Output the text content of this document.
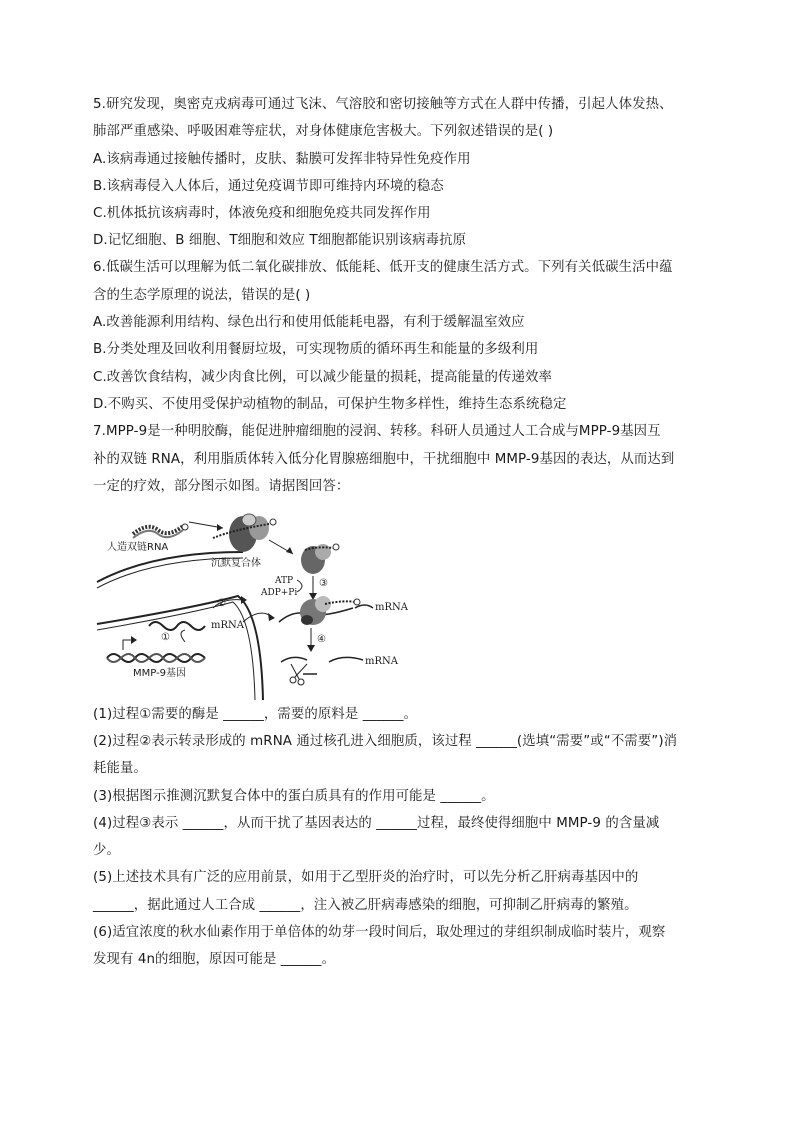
5.研究发现，奥密克戎病毒可通过飞沫、气溶胶和密切接触等方式在人群中传播，引起人体发热、
肺部严重感染、呼吸困难等症状，对身体健康危害极大。下列叙述错误的是( )
A.该病毒通过接触传播时，皮肤、黏膜可发挥非特异性免疫作用
B.该病毒侵入人体后，通过免疫调节即可维持内环境的稳态
C.机体抵抗该病毒时，体液免疫和细胞免疫共同发挥作用
D.记忆细胞、B 细胞、T细胞和效应 T细胞都能识别该病毒抗原
6.低碳生活可以理解为低二氧化碳排放、低能耗、低开支的健康生活方式。下列有关低碳生活中蕴
含的生态学原理的说法，错误的是( )
A.改善能源利用结构、绿色出行和使用低能耗电器，有利于缓解温室效应
B.分类处理及回收利用餐厨垃圾，可实现物质的循环再生和能量的多级利用
C.改善饮食结构，减少肉食比例，可以减少能量的损耗，提高能量的传递效率
D.不购买、不使用受保护动植物的制品，可保护生物多样性，维持生态系统稳定
7.MPP-9是一种明胶酶，能促进肿瘤细胞的浸润、转移。科研人员通过人工合成与MPP-9基因互
补的双链 RNA，利用脂质体转入低分化胃腺癌细胞中，干扰细胞中 MMP-9基因的表达，从而达到
一定的疗效，部分图示如图。请据图回答：
人造双链RNA
沉默复合体
③
ATP
ADP+Pi
mRNA
④
mRNA
MMP-9基因
mRNA
①
②
(1)过程①需要的酶是 ______，需要的原料是 ______。
(2)过程②表示转录形成的 mRNA 通过核孔进入细胞质，该过程 ______(选填“需要”或“不需要”)消
耗能量。
(3)根据图示推测沉默复合体中的蛋白质具有的作用可能是 ______。
(4)过程③表示 ______，从而干扰了基因表达的 ______过程，最终使得细胞中 MMP-9 的含量减
少。
(5)上述技术具有广泛的应用前景，如用于乙型肝炎的治疗时，可以先分析乙肝病毒基因中的
______，据此通过人工合成 ______，注入被乙肝病毒感染的细胞，可抑制乙肝病毒的繁殖。
(6)适宜浓度的秋水仙素作用于单倍体的幼芽一段时间后，取处理过的芽组织制成临时装片，观察
发现有 4n的细胞，原因可能是 ______。
